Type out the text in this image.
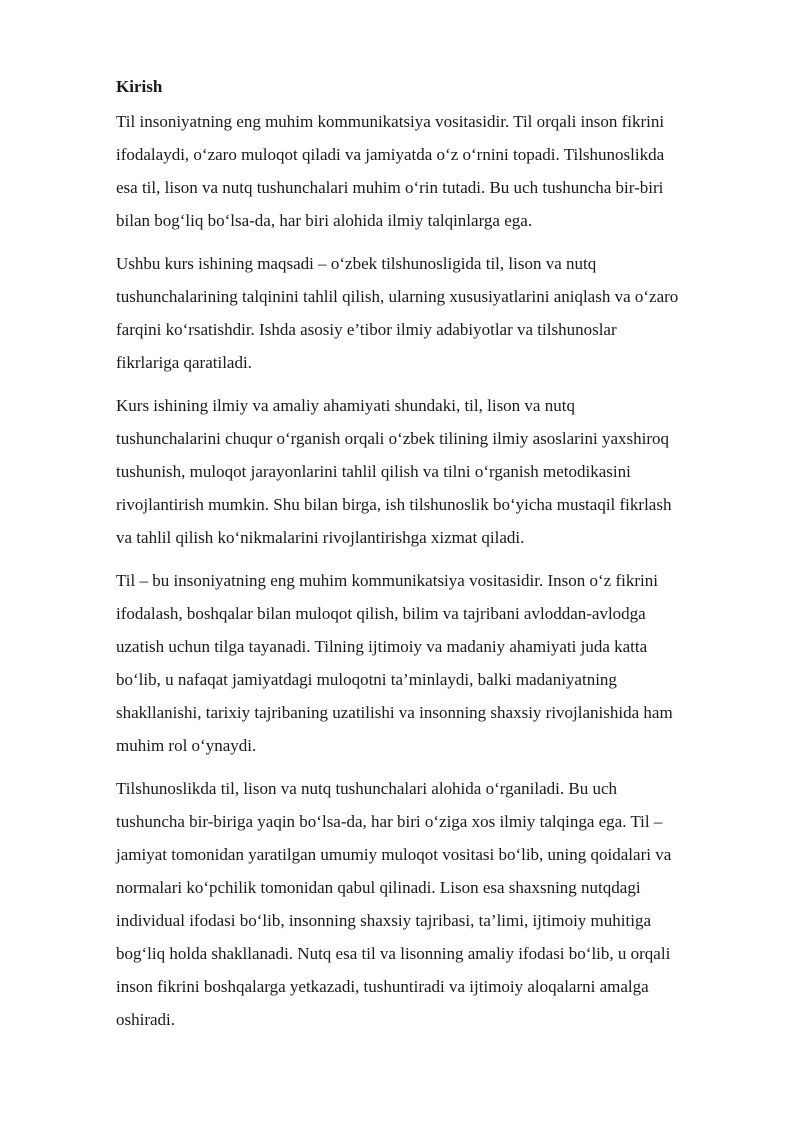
Kirish
Til insoniyatning eng muhim kommunikatsiya vositasidir. Til orqali inson fikrini
ifodalaydi, o‘zaro muloqot qiladi va jamiyatda o‘z o‘rnini topadi. Tilshunoslikda
esa til, lison va nutq tushunchalari muhim o‘rin tutadi. Bu uch tushuncha bir-biri
bilan bog‘liq bo‘lsa-da, har biri alohida ilmiy talqinlarga ega.
Ushbu kurs ishining maqsadi – o‘zbek tilshunosligida til, lison va nutq
tushunchalarining talqinini tahlil qilish, ularning xususiyatlarini aniqlash va o‘zaro
farqini ko‘rsatishdir. Ishda asosiy e’tibor ilmiy adabiyotlar va tilshunoslar
fikrlariga qaratiladi.
Kurs ishining ilmiy va amaliy ahamiyati shundaki, til, lison va nutq
tushunchalarini chuqur o‘rganish orqali o‘zbek tilining ilmiy asoslarini yaxshiroq
tushunish, muloqot jarayonlarini tahlil qilish va tilni o‘rganish metodikasini
rivojlantirish mumkin. Shu bilan birga, ish tilshunoslik bo‘yicha mustaqil fikrlash
va tahlil qilish ko‘nikmalarini rivojlantirishga xizmat qiladi.
Til – bu insoniyatning eng muhim kommunikatsiya vositasidir. Inson o‘z fikrini
ifodalash, boshqalar bilan muloqot qilish, bilim va tajribani avloddan-avlodga
uzatish uchun tilga tayanadi. Tilning ijtimoiy va madaniy ahamiyati juda katta
bo‘lib, u nafaqat jamiyatdagi muloqotni ta’minlaydi, balki madaniyatning
shakllanishi, tarixiy tajribaning uzatilishi va insonning shaxsiy rivojlanishida ham
muhim rol o‘ynaydi.
Tilshunoslikda til, lison va nutq tushunchalari alohida o‘rganiladi. Bu uch
tushuncha bir-biriga yaqin bo‘lsa-da, har biri o‘ziga xos ilmiy talqinga ega. Til –
jamiyat tomonidan yaratilgan umumiy muloqot vositasi bo‘lib, uning qoidalari va
normalari ko‘pchilik tomonidan qabul qilinadi. Lison esa shaxsning nutqdagi
individual ifodasi bo‘lib, insonning shaxsiy tajribasi, ta’limi, ijtimoiy muhitiga
bog‘liq holda shakllanadi. Nutq esa til va lisonning amaliy ifodasi bo‘lib, u orqali
inson fikrini boshqalarga yetkazadi, tushuntiradi va ijtimoiy aloqalarni amalga
oshiradi.
